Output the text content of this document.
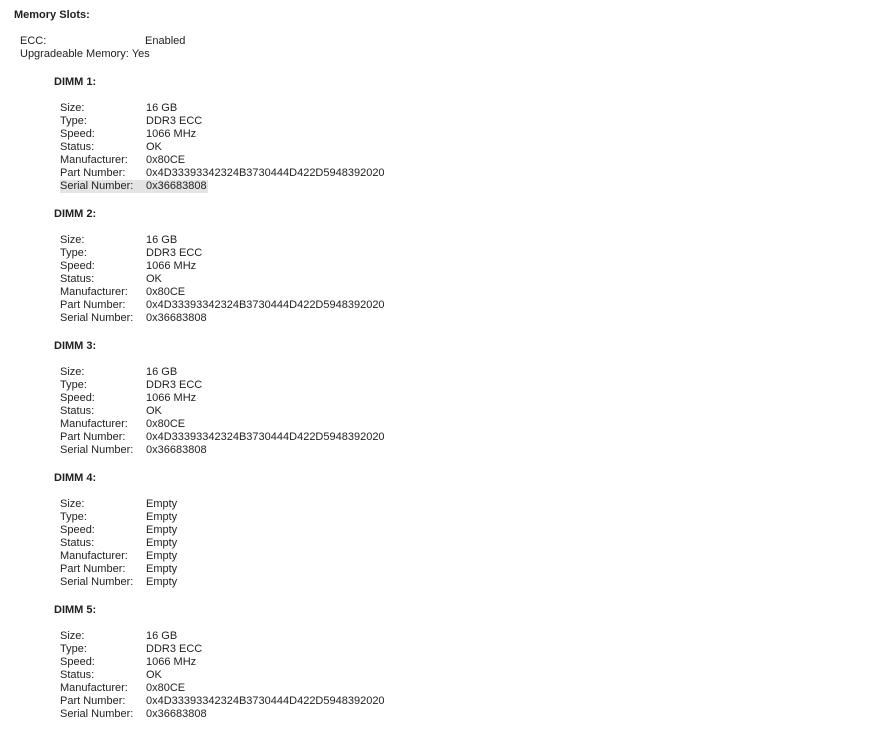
Memory Slots:
ECC:	Enabled
Upgradeable Memory: Yes
DIMM 1:
Size:	16 GB
Type:	DDR3 ECC
Speed:	1066 MHz
Status:	OK
Manufacturer:	0x80CE
Part Number:	0x4D33393342324B3730444D422D5948392020
Serial Number:	0x36683808
DIMM 2:
Size:	16 GB
Type:	DDR3 ECC
Speed:	1066 MHz
Status:	OK
Manufacturer:	0x80CE
Part Number:	0x4D33393342324B3730444D422D5948392020
Serial Number:	0x36683808
DIMM 3:
Size:	16 GB
Type:	DDR3 ECC
Speed:	1066 MHz
Status:	OK
Manufacturer:	0x80CE
Part Number:	0x4D33393342324B3730444D422D5948392020
Serial Number:	0x36683808
DIMM 4:
Size:	Empty
Type:	Empty
Speed:	Empty
Status:	Empty
Manufacturer:	Empty
Part Number:	Empty
Serial Number:	Empty
DIMM 5:
Size:	16 GB
Type:	DDR3 ECC
Speed:	1066 MHz
Status:	OK
Manufacturer:	0x80CE
Part Number:	0x4D33393342324B3730444D422D5948392020
Serial Number:	0x36683808
